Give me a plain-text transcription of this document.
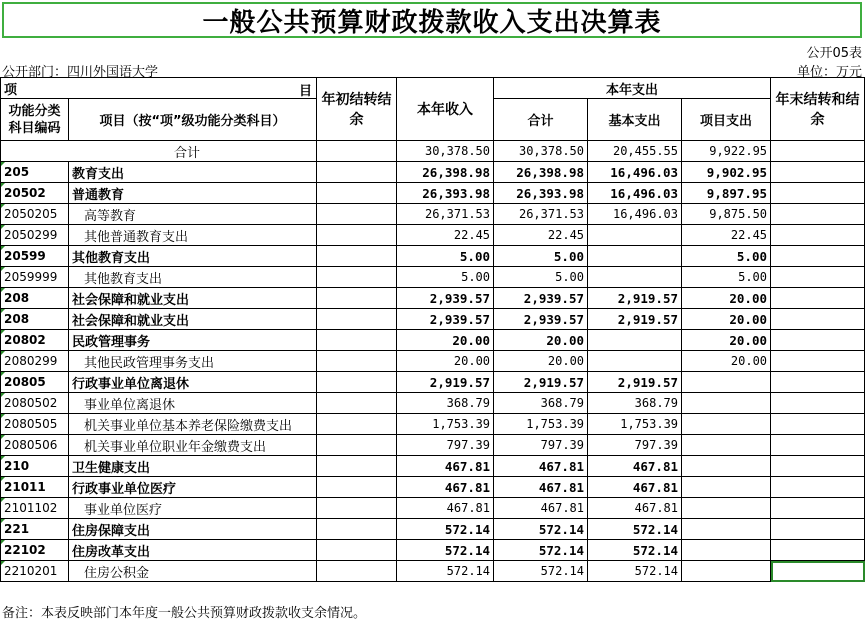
一般公共预算财政拨款收入支出决算表
公开05表
公开部门：四川外国语大学	单位：万元
项 目		年初结转结余	本年收入	本年支出			年末结转和结余
功能分类科目编码	项目（按“项”级功能分类科目）			合计	基本支出	项目支出	
合计			30,378.50	30,378.50	20,455.55	9,922.95	

205	教育支出		26,398.98	26,398.98	16,496.03	9,902.95	

20502	普通教育		26,393.98	26,393.98	16,496.03	9,897.95	

2050205	高等教育		26,371.53	26,371.53	16,496.03	9,875.50	

2050299	其他普通教育支出		22.45	22.45		22.45	

20599	其他教育支出		5.00	5.00		5.00	

2059999	其他教育支出		5.00	5.00		5.00	

208	社会保障和就业支出		2,939.57	2,939.57	2,919.57	20.00	

208	社会保障和就业支出		2,939.57	2,939.57	2,919.57	20.00	

20802	民政管理事务		20.00	20.00		20.00	

2080299	其他民政管理事务支出		20.00	20.00		20.00	

20805	行政事业单位离退休		2,919.57	2,919.57	2,919.57		

2080502	事业单位离退休		368.79	368.79	368.79		

2080505	机关事业单位基本养老保险缴费支出		1,753.39	1,753.39	1,753.39		

2080506	机关事业单位职业年金缴费支出		797.39	797.39	797.39		

210	卫生健康支出		467.81	467.81	467.81		

21011	行政事业单位医疗		467.81	467.81	467.81		

2101102	事业单位医疗		467.81	467.81	467.81		

221	住房保障支出		572.14	572.14	572.14		

22102	住房改革支出		572.14	572.14	572.14		

2210201	住房公积金		572.14	572.14	572.14		
备注：本表反映部门本年度一般公共预算财政拨款收支余情况。
